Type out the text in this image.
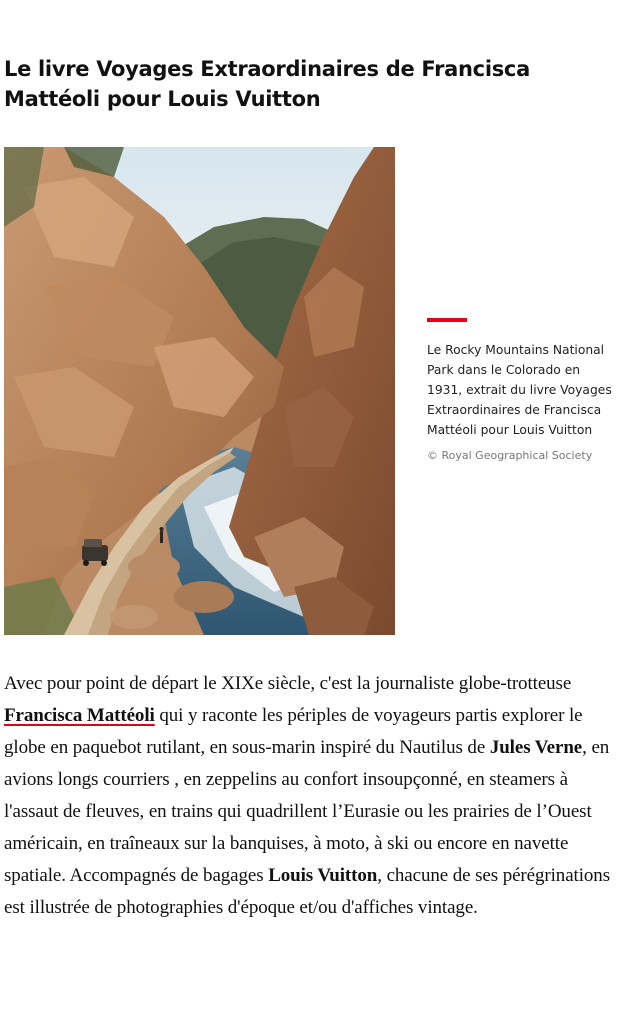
Le livre Voyages Extraordinaires de Francisca Mattéoli pour Louis Vuitton

Le Rocky Mountains National Park dans le Colorado en 1931, extrait du livre Voyages Extraordinaires de Francisca Mattéoli pour Louis Vuitton

© Royal Geographical Society

Avec pour point de départ le XIXe siècle, c'est la journaliste globe-trotteuse Francisca Mattéoli qui y raconte les périples de voyageurs partis explorer le globe en paquebot rutilant, en sous-marin inspiré du Nautilus de Jules Verne, en avions longs courriers , en zeppelins au confort insoupçonné, en steamers à l'assaut de fleuves, en trains qui quadrillent l’Eurasie ou les prairies de l’Ouest américain, en traîneaux sur la banquises, à moto, à ski ou encore en navette spatiale. Accompagnés de bagages Louis Vuitton, chacune de ses pérégrinations est illustrée de photographies d'époque et/ou d'affiches vintage.
